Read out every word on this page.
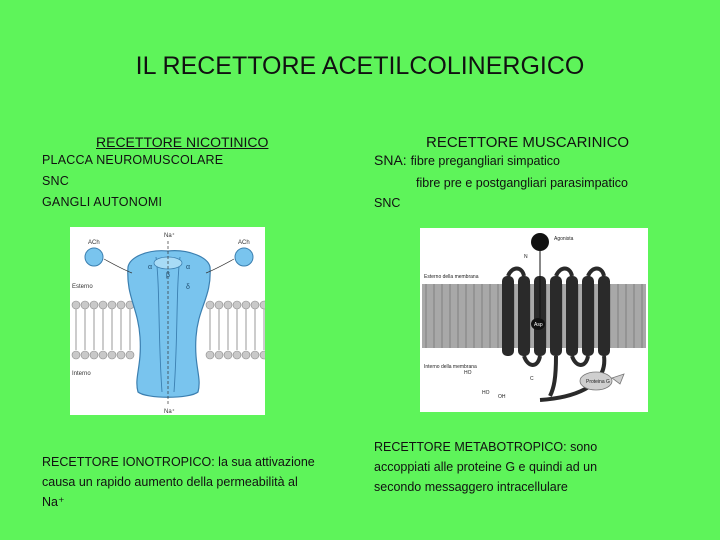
IL RECETTORE ACETILCOLINERGICO
RECETTORE NICOTINICO
PLACCA NEUROMUSCOLARE
SNC
GANGLI AUTONOMI
ACh	ACh
Na⁺
Na⁺
Esterno
Interno
α	α
β
δ
RECETTORE IONOTROPICO: la sua attivazione causa un rapido aumento della permeabilità al Na⁺
RECETTORE MUSCARINICO
SNA: fibre pregangliari simpatico
fibre pre e postgangliari parasimpatico
SNC
Agonista
Esterno della membrana
Interno della membrana
Proteina G
Asp
HO
HO
OH
C
N
RECETTORE METABOTROPICO: sono accoppiati alle proteine G e quindi ad un secondo messaggero intracellulare
